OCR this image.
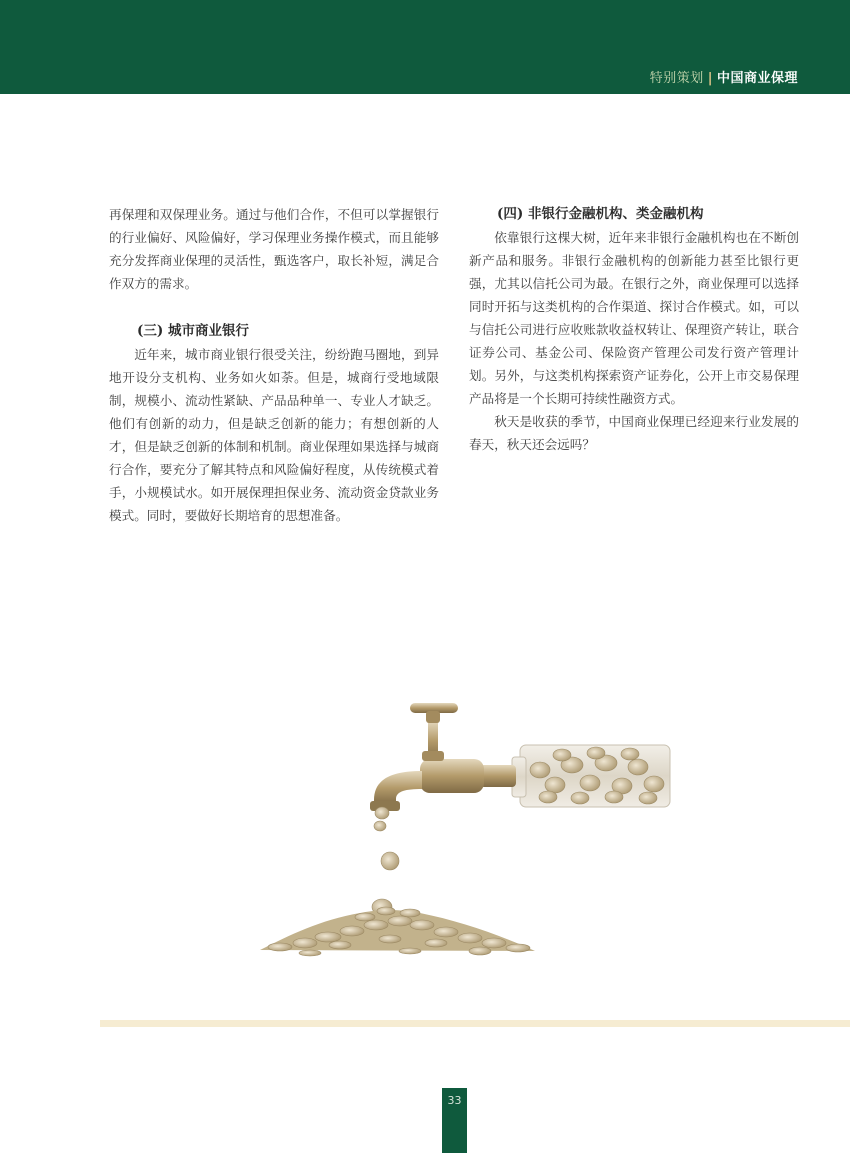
特别策划 | 中国商业保理

再保理和双保理业务。通过与他们合作，不但可以掌握银行的行业偏好、风险偏好，学习保理业务操作模式，而且能够充分发挥商业保理的灵活性，甄选客户，取长补短，满足合作双方的需求。

(三) 城市商业银行

近年来，城市商业银行很受关注，纷纷跑马圈地，到异地开设分支机构、业务如火如荼。但是，城商行受地域限制，规模小、流动性紧缺、产品品种单一、专业人才缺乏。他们有创新的动力，但是缺乏创新的能力；有想创新的人才，但是缺乏创新的体制和机制。商业保理如果选择与城商行合作，要充分了解其特点和风险偏好程度，从传统模式着手，小规模试水。如开展保理担保业务、流动资金贷款业务模式。同时，要做好长期培育的思想准备。

(四) 非银行金融机构、类金融机构

依靠银行这棵大树，近年来非银行金融机构也在不断创新产品和服务。非银行金融机构的创新能力甚至比银行更强，尤其以信托公司为最。在银行之外，商业保理可以选择同时开拓与这类机构的合作渠道、探讨合作模式。如，可以与信托公司进行应收账款收益权转让、保理资产转让，联合证券公司、基金公司、保险资产管理公司发行资产管理计划。另外，与这类机构探索资产证券化，公开上市交易保理产品将是一个长期可持续性融资方式。

秋天是收获的季节，中国商业保理已经迎来行业发展的春天，秋天还会远吗？

33
